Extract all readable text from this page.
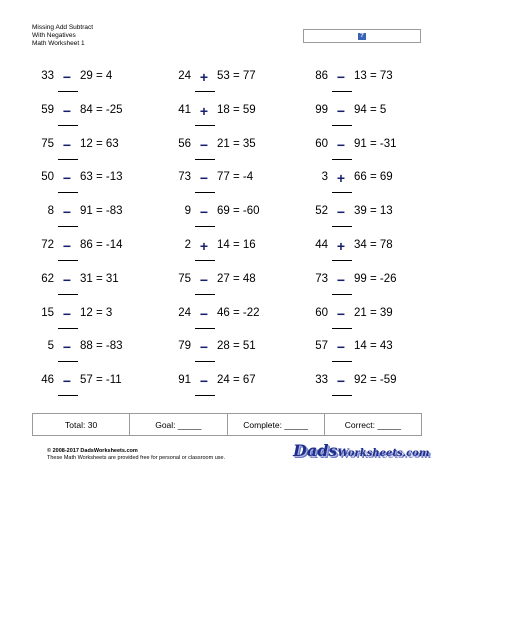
Missing Add Subtract
With Negatives
Math Worksheet 1
?
33 − 29 = 4	24 + 53 = 77	86 − 13 = 73
59 − 84 = -25	41 + 18 = 59	99 − 94 = 5
75 − 12 = 63	56 − 21 = 35	60 − 91 = -31
50 − 63 = -13	73 − 77 = -4	3 + 66 = 69
8 − 91 = -83	9 − 69 = -60	52 − 39 = 13
72 − 86 = -14	2 + 14 = 16	44 + 34 = 78
62 − 31 = 31	75 − 27 = 48	73 − 99 = -26
15 − 12 = 3	24 − 46 = -22	60 − 21 = 39
5 − 88 = -83	79 − 28 = 51	57 − 14 = 43
46 − 57 = -11	91 − 24 = 67	33 − 92 = -59
Total: 30	Goal: _____	Complete: _____	Correct: _____
© 2008-2017 DadsWorksheets.com
These Math Worksheets are provided free for personal or classroom use.	DadsWorksheets.com
